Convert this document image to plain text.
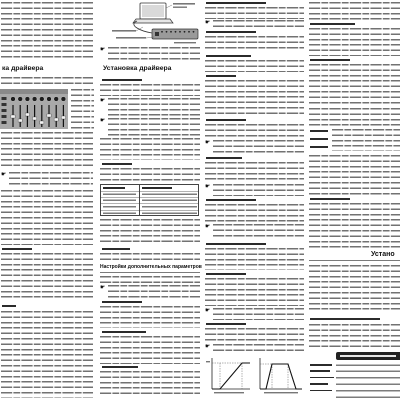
ка драйвера
☛
☛	Установка драйвера
☛
☛
Настройки дополнительных параметров
☛
☛
☛
☛
☛
☛
☛
Устано
